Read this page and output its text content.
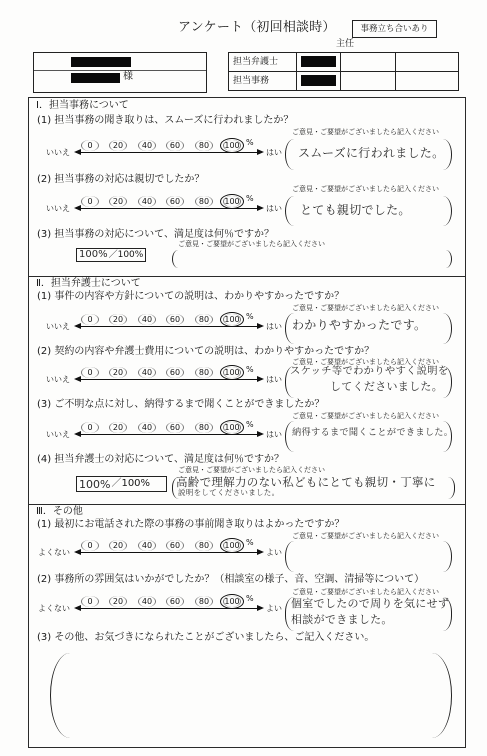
アンケート（初回相談時）	事務立ち合いあり
主任
様
担当弁護士	

担当事務	

Ⅰ．担当事務について
(1) 担当事務の聞き取りは、スムーズに行われましたか？
ご意見・ご要望がございましたら記入ください
いいえ
0	20	40	60	80	100 %
はい スムーズに行われました。
(2) 担当事務の対応は親切でしたか？
ご意見・ご要望がございましたら記入ください
いいえ
0	20	40	60	80	100 %
はい とても親切でした。
(3) 担当事務の対応について、満足度は何％ですか？
ご意見・ご要望がございましたら記入ください
100% ／100%
Ⅱ．担当弁護士について
(1) 事件の内容や方針についての説明は、わかりやすかったですか？
ご意見・ご要望がございましたら記入ください
いいえ
0	20	40	60	80	100 %
はい わかりやすかったです。
(2) 契約の内容や弁護士費用についての説明は、わかりやすかったですか？
ご意見・ご要望がございましたら記入ください
いいえ
0	20	40	60	80	100 %
はい
スケッチ等でわかりやすく説明を
してくださいました。
(3) ご不明な点に対し、納得するまで聞くことができましたか？
ご意見・ご要望がございましたら記入ください
いいえ
0	20	40	60	80	100 %
はい 納得するまで聞くことができました。
(4) 担当弁護士の対応について、満足度は何％ですか？
ご意見・ご要望がございましたら記入ください
100% ／100% 高齢で理解力のない私どもにとても親切・丁寧に
説明をしてくださいました。
Ⅲ．その他
(1) 最初にお電話された際の事務の事前聞き取りはよかったですか？
ご意見・ご要望がございましたら記入ください
よくない
0	20	40	60	80	100 %
よい
(2) 事務所の雰囲気はいかがでしたか？（相談室の様子、音、空調、清掃等について）
ご意見・ご要望がございましたら記入ください
よくない
0	20	40	60	80	100 %
よい 個室でしたので周りを気にせず
相談ができました。
(3) その他、お気づきになられたことがございましたら、ご記入ください。
